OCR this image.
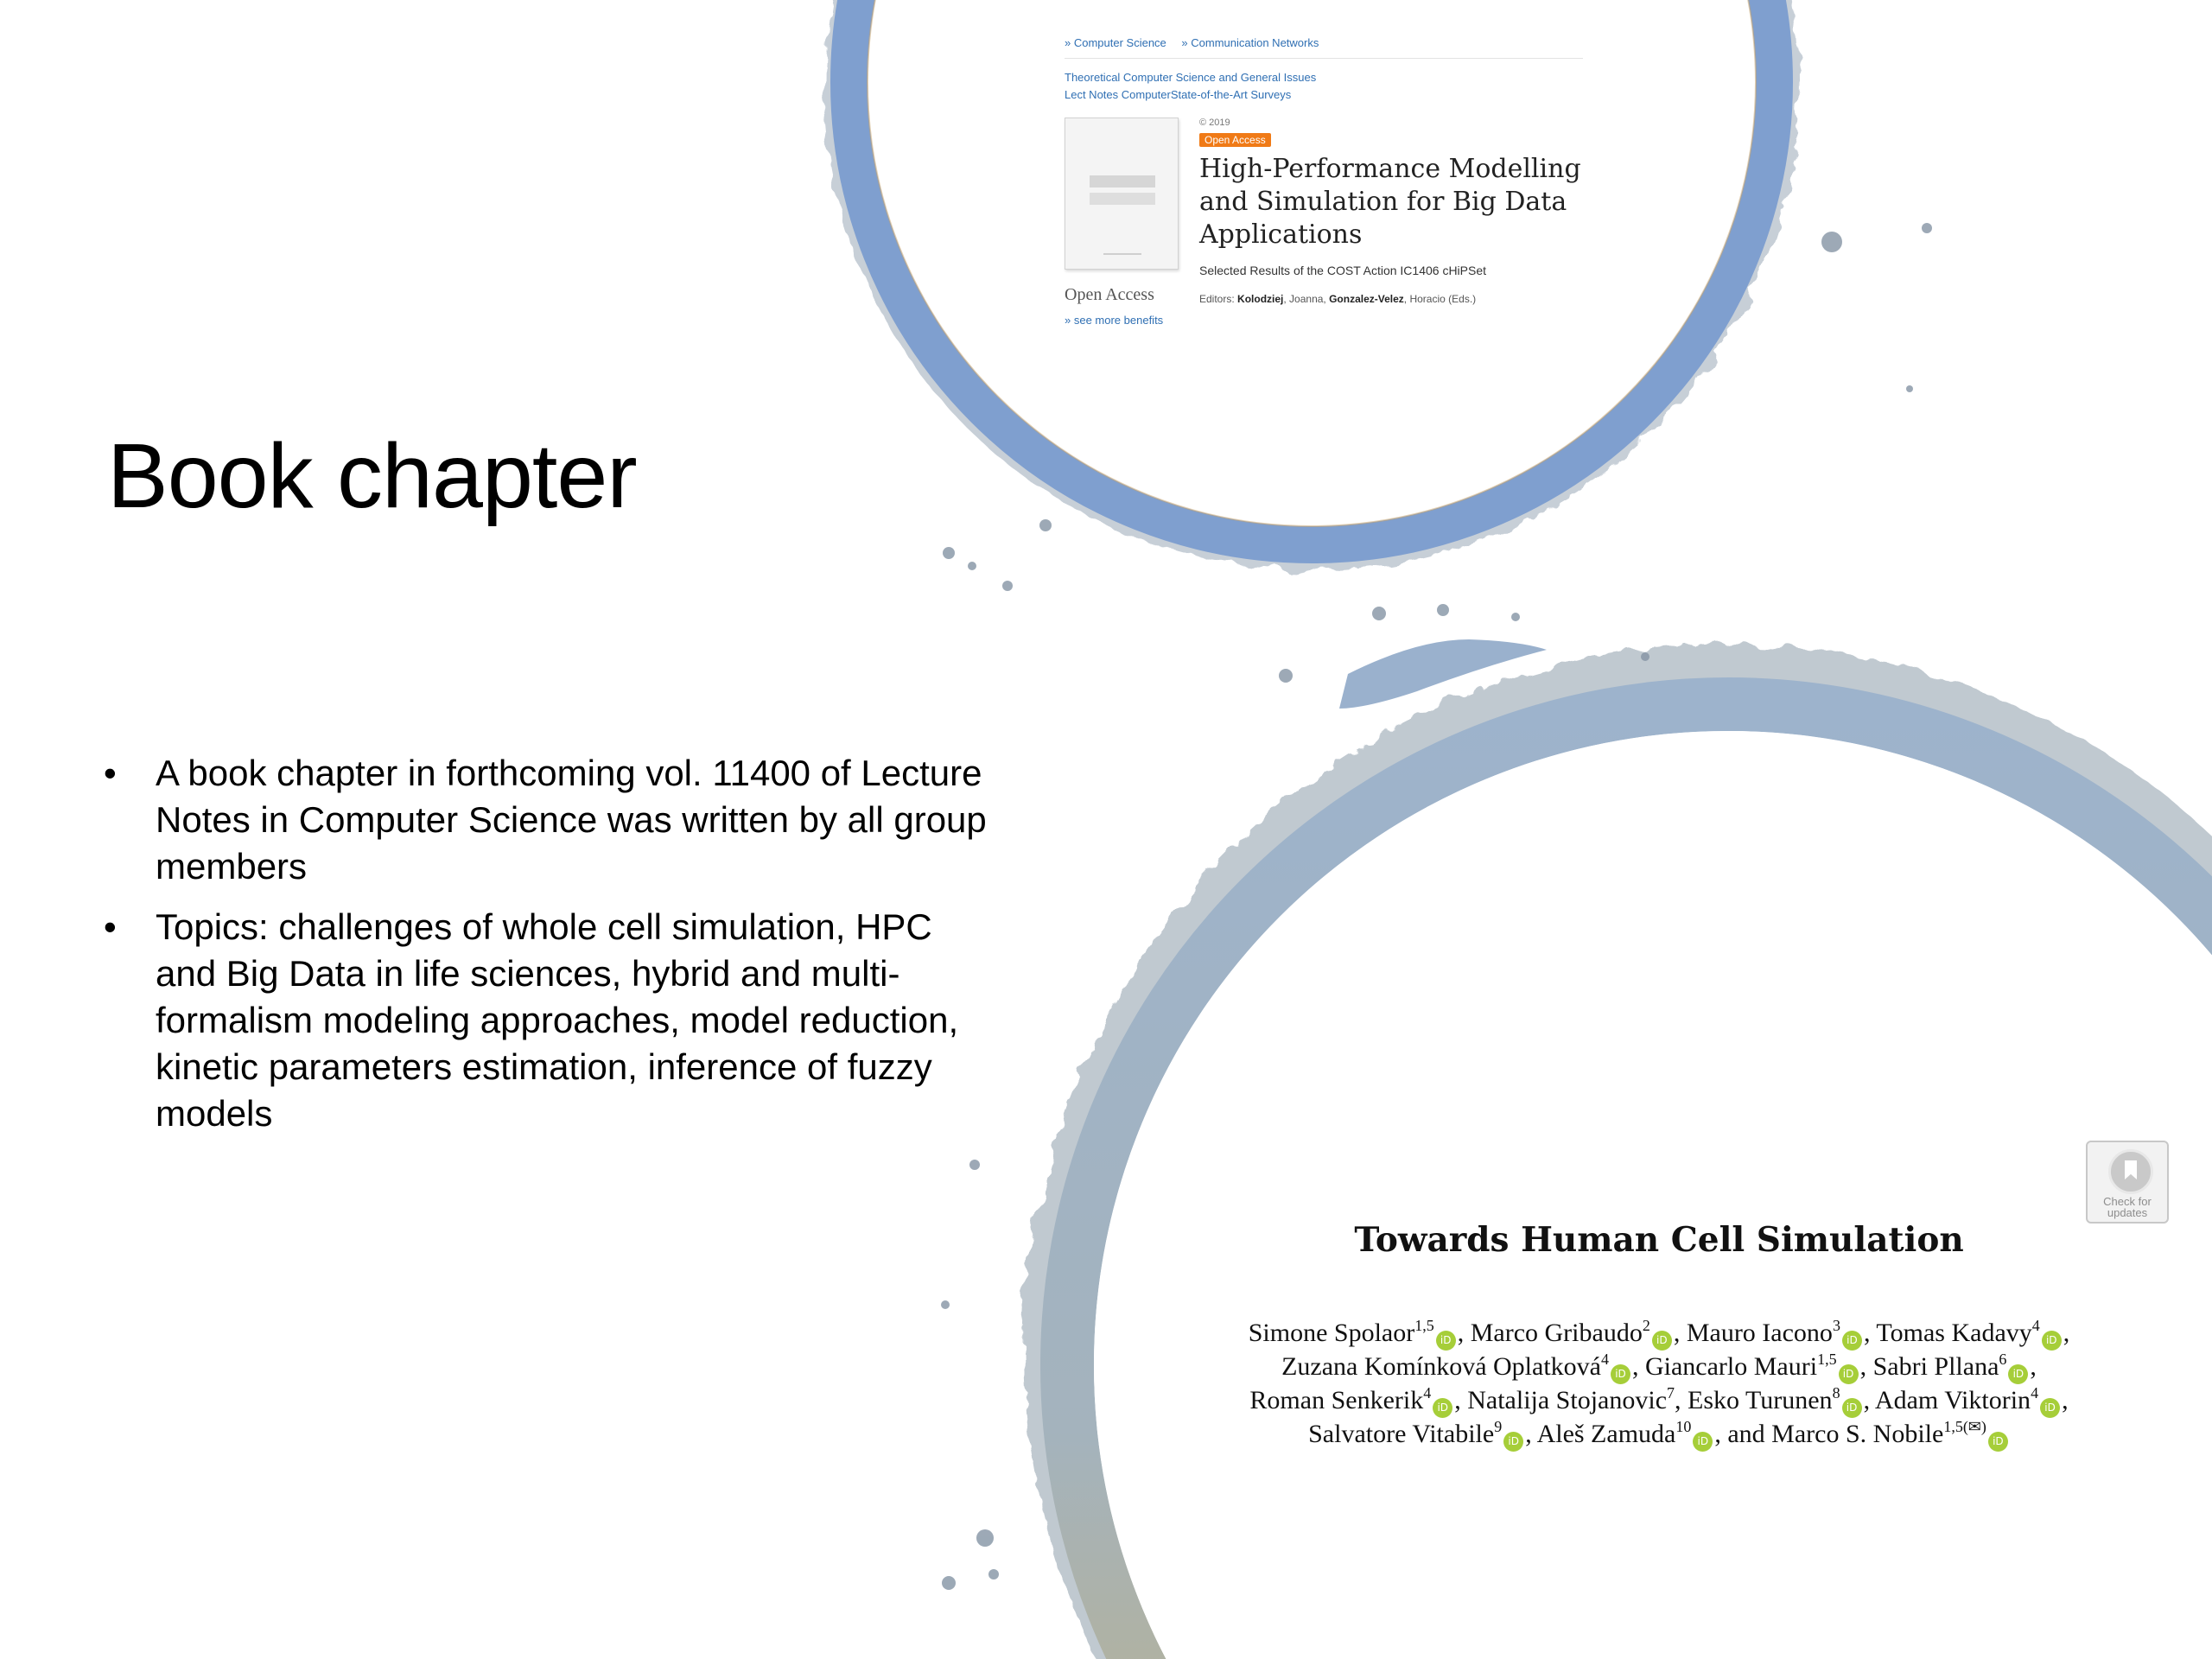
Book chapter
• A book chapter in forthcoming vol. 11400 of Lecture Notes in Computer Science was written by all group members
• Topics: challenges of whole cell simulation, HPC and Big Data in life sciences, hybrid and multi-formalism modeling approaches, model reduction, kinetic parameters estimation, inference of fuzzy models
» Computer Science » Communication Networks
Theoretical Computer Science and General Issues
Lect Notes ComputerState-of-the-Art Surveys
© 2019
Open Access
High-Performance Modelling and Simulation for Big Data Applications
Selected Results of the COST Action IC1406 cHiPSet
Editors: Kolodziej, Joanna, Gonzalez-Velez, Horacio (Eds.)
Open Access
» see more benefits
Check for updates
Towards Human Cell Simulation
Simone Spolaor$^{1,5}$iD , Marco Gribaudo$^2$iD , Mauro Iacono$^3$iD , Tomas Kadavy$^4$iD ,
Zuzana Komínková Oplatková$^4$iD , Giancarlo Mauri$^{1,5}$iD , Sabri Pllana$^6$iD ,
Roman Senkerik$^4$iD , Natalija Stojanovic$^7$, Esko Turunen$^8$iD , Adam Viktorin$^4$iD ,
Salvatore Vitabile$^9$iD , Aleš Zamuda$^{10}$iD , and Marco S. Nobile$^{1,5(✉)}$iD
